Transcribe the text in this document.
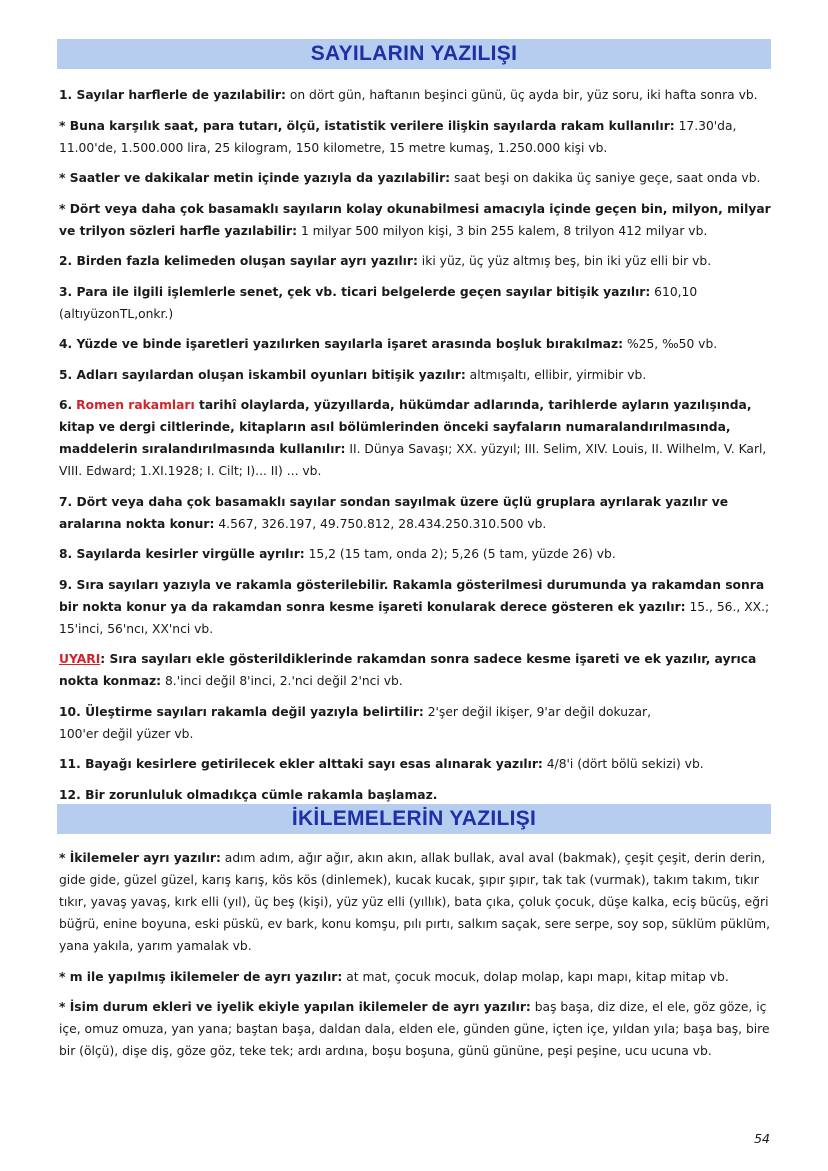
SAYILARIN YAZILIŞI

1. Sayılar harflerle de yazılabilir: on dört gün, haftanın beşinci günü, üç ayda bir, yüz soru, iki hafta sonra vb.

* Buna karşılık saat, para tutarı, ölçü, istatistik verilere ilişkin sayılarda rakam kullanılır: 17.30'da, 11.00'de, 1.500.000 lira, 25 kilogram, 150 kilometre, 15 metre kumaş, 1.250.000 kişi vb.

* Saatler ve dakikalar metin içinde yazıyla da yazılabilir: saat beşi on dakika üç saniye geçe, saat onda vb.

* Dört veya daha çok basamaklı sayıların kolay okunabilmesi amacıyla içinde geçen bin, milyon, milyar ve trilyon sözleri harfle yazılabilir: 1 milyar 500 milyon kişi, 3 bin 255 kalem, 8 trilyon 412 milyar vb.

2. Birden fazla kelimeden oluşan sayılar ayrı yazılır: iki yüz, üç yüz altmış beş, bin iki yüz elli bir vb.

3. Para ile ilgili işlemlerle senet, çek vb. ticari belgelerde geçen sayılar bitişik yazılır: 610,10 (altıyüzonTL,onkr.)

4. Yüzde ve binde işaretleri yazılırken sayılarla işaret arasında boşluk bırakılmaz: %25, ‰50 vb.

5. Adları sayılardan oluşan iskambil oyunları bitişik yazılır: altmışaltı, ellibir, yirmibir vb.

6. Romen rakamları tarihî olaylarda, yüzyıllarda, hükümdar adlarında, tarihlerde ayların yazılışında, kitap ve dergi ciltlerinde, kitapların asıl bölümlerinden önceki sayfaların numaralandırılmasında, maddelerin sıralandırılmasında kullanılır: II. Dünya Savaşı; XX. yüzyıl; III. Selim, XIV. Louis, II. Wilhelm, V. Karl, VIII. Edward; 1.XI.1928; I. Cilt; I)... II) ... vb.

7. Dört veya daha çok basamaklı sayılar sondan sayılmak üzere üçlü gruplara ayrılarak yazılır ve aralarına nokta konur: 4.567, 326.197, 49.750.812, 28.434.250.310.500 vb.

8. Sayılarda kesirler virgülle ayrılır: 15,2 (15 tam, onda 2); 5,26 (5 tam, yüzde 26) vb.

9. Sıra sayıları yazıyla ve rakamla gösterilebilir. Rakamla gösterilmesi durumunda ya rakamdan sonra bir nokta konur ya da rakamdan sonra kesme işareti konularak derece gösteren ek yazılır: 15., 56., XX.; 15'inci, 56'ncı, XX'nci vb.

UYARI: Sıra sayıları ekle gösterildiklerinde rakamdan sonra sadece kesme işareti ve ek yazılır, ayrıca nokta konmaz: 8.'inci değil 8'inci, 2.'nci değil 2'nci vb.

10. Üleştirme sayıları rakamla değil yazıyla belirtilir: 2'şer değil ikişer, 9'ar değil dokuzar,
100'er değil yüzer vb.

11. Bayağı kesirlere getirilecek ekler alttaki sayı esas alınarak yazılır: 4/8'i (dört bölü sekizi) vb.

12. Bir zorunluluk olmadıkça cümle rakamla başlamaz.

İKİLEMELERİN YAZILIŞI

* İkilemeler ayrı yazılır: adım adım, ağır ağır, akın akın, allak bullak, aval aval (bakmak), çeşit çeşit, derin derin, gide gide, güzel güzel, karış karış, kös kös (dinlemek), kucak kucak, şıpır şıpır, tak tak (vurmak), takım takım, tıkır tıkır, yavaş yavaş, kırk elli (yıl), üç beş (kişi), yüz yüz elli (yıllık), bata çıka, çoluk çocuk, düşe kalka, eciş bücüş, eğri büğrü, enine boyuna, eski püskü, ev bark, konu komşu, pılı pırtı, salkım saçak, sere serpe, soy sop, süklüm püklüm, yana yakıla, yarım yamalak vb.

* m ile yapılmış ikilemeler de ayrı yazılır: at mat, çocuk mocuk, dolap molap, kapı mapı, kitap mitap vb.

* İsim durum ekleri ve iyelik ekiyle yapılan ikilemeler de ayrı yazılır: baş başa, diz dize, el ele, göz göze, iç içe, omuz omuza, yan yana; baştan başa, daldan dala, elden ele, günden güne, içten içe, yıldan yıla; başa baş, bire bir (ölçü), dişe diş, göze göz, teke tek; ardı ardına, boşu boşuna, günü gününe, peşi peşine, ucu ucuna vb.

54
